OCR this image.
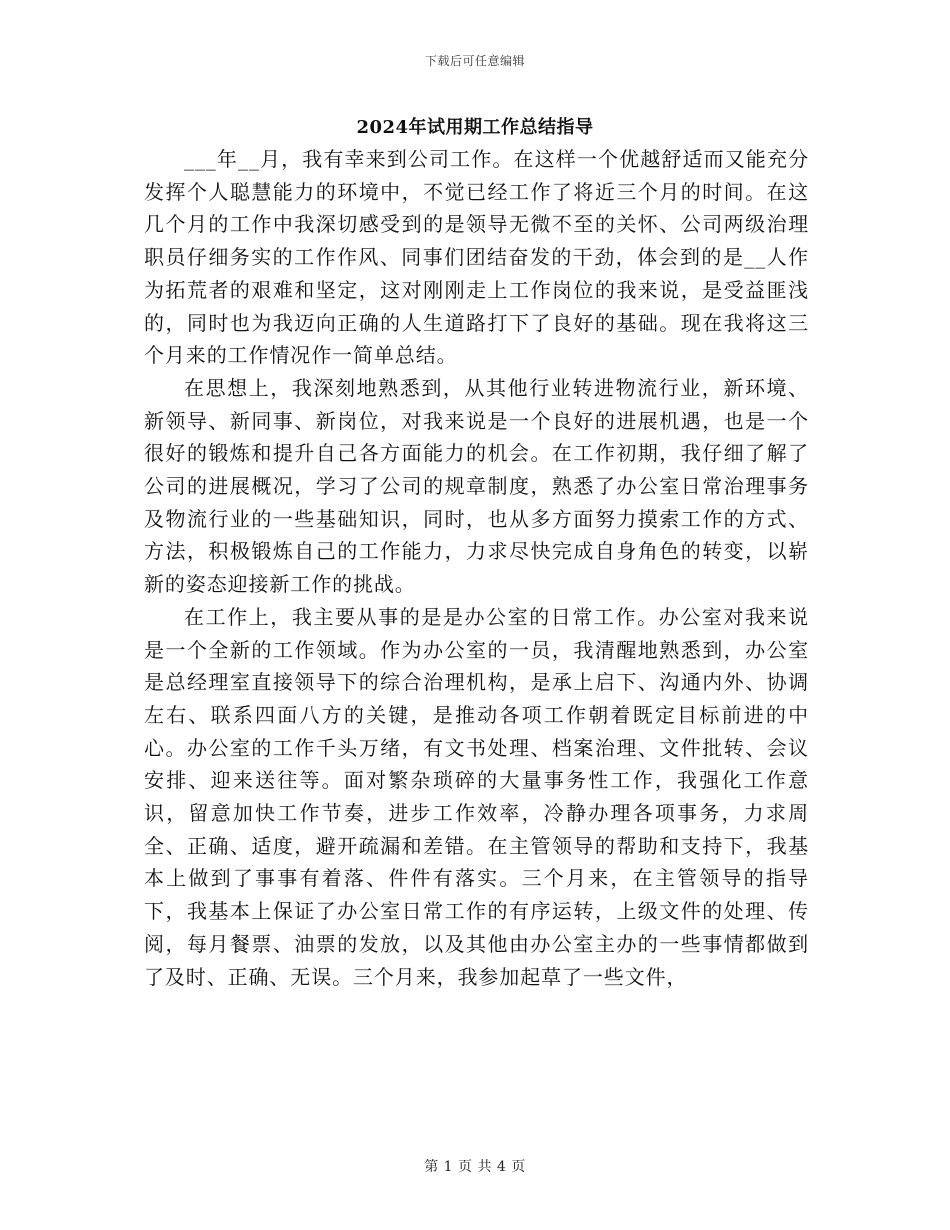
下载后可任意编辑
2024年试用期工作总结指导

___年__月，我有幸来到公司工作。在这样一个优越舒适而又能充分发挥个人聪慧能力的环境中，不觉已经工作了将近三个月的时间。在这几个月的工作中我深切感受到的是领导无微不至的关怀、公司两级治理职员仔细务实的工作作风、同事们团结奋发的干劲，体会到的是__人作为拓荒者的艰难和坚定，这对刚刚走上工作岗位的我来说，是受益匪浅的，同时也为我迈向正确的人生道路打下了良好的基础。现在我将这三个月来的工作情况作一简单总结。

在思想上，我深刻地熟悉到，从其他行业转进物流行业，新环境、新领导、新同事、新岗位，对我来说是一个良好的进展机遇，也是一个很好的锻炼和提升自己各方面能力的机会。在工作初期，我仔细了解了公司的进展概况，学习了公司的规章制度，熟悉了办公室日常治理事务及物流行业的一些基础知识，同时，也从多方面努力摸索工作的方式、方法，积极锻炼自己的工作能力，力求尽快完成自身角色的转变，以崭新的姿态迎接新工作的挑战。

在工作上，我主要从事的是是办公室的日常工作。办公室对我来说是一个全新的工作领域。作为办公室的一员，我清醒地熟悉到，办公室是总经理室直接领导下的综合治理机构，是承上启下、沟通内外、协调左右、联系四面八方的关键，是推动各项工作朝着既定目标前进的中心。办公室的工作千头万绪，有文书处理、档案治理、文件批转、会议安排、迎来送往等。面对繁杂琐碎的大量事务性工作，我强化工作意识，留意加快工作节奏，进步工作效率，冷静办理各项事务，力求周全、正确、适度，避开疏漏和差错。在主管领导的帮助和支持下，我基本上做到了事事有着落、件件有落实。三个月来，在主管领导的指导下，我基本上保证了办公室日常工作的有序运转，上级文件的处理、传阅，每月餐票、油票的发放，以及其他由办公室主办的一些事情都做到了及时、正确、无误。三个月来，我参加起草了一些文件，

第 1 页 共 4 页
